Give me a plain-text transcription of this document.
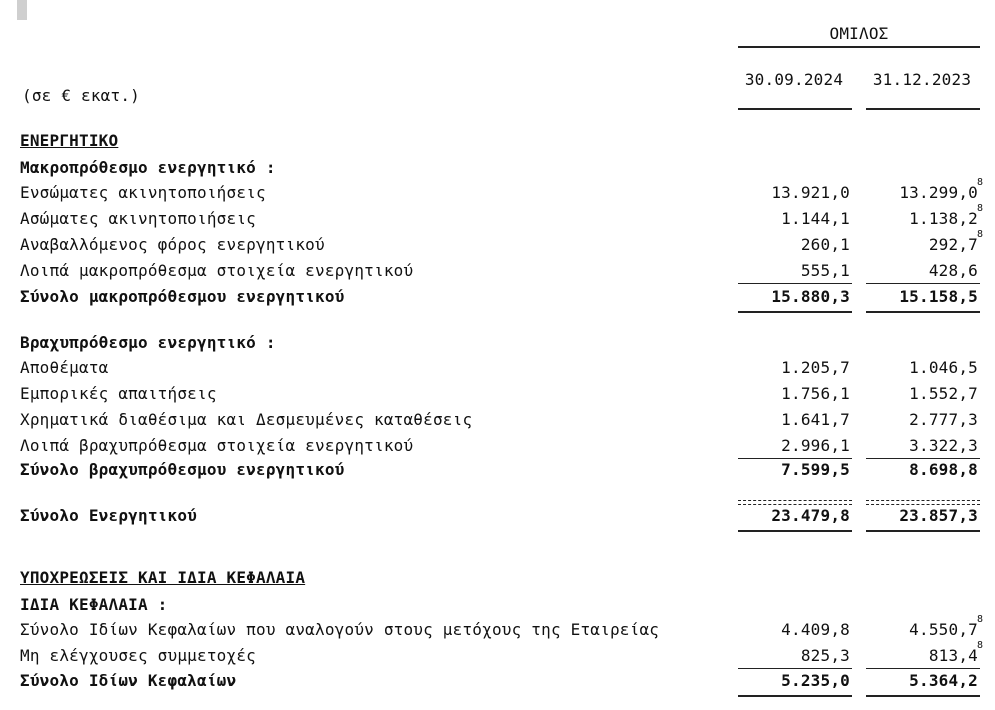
ΟΜΙΛΟΣ
(σε € εκατ.)
30.09.2024	31.12.2023
ΕΝΕΡΓΗΤΙΚΟ
Μακροπρόθεσμο ενεργητικό :
Ενσώματες ακινητοποιήσεις	13.921,0	13.299,0
8
Ασώματες ακινητοποιήσεις	1.144,1	1.138,2
8
Αναβαλλόμενος φόρος ενεργητικού	260,1	292,7
8
Λοιπά μακροπρόθεσμα στοιχεία ενεργητικού	555,1	428,6
Σύνολο μακροπρόθεσμου ενεργητικού	15.880,3	15.158,5
Βραχυπρόθεσμο ενεργητικό :
Αποθέματα	1.205,7	1.046,5
Εμπορικές απαιτήσεις	1.756,1	1.552,7
Χρηματικά διαθέσιμα και Δεσμευμένες καταθέσεις	1.641,7	2.777,3
Λοιπά βραχυπρόθεσμα στοιχεία ενεργητικού	2.996,1	3.322,3
Σύνολο βραχυπρόθεσμου ενεργητικού	7.599,5	8.698,8
Σύνολο Ενεργητικού	23.479,8	23.857,3
ΥΠΟΧΡΕΩΣΕΙΣ ΚΑΙ ΙΔΙΑ ΚΕΦΑΛΑΙΑ
ΙΔΙΑ ΚΕΦΑΛΑΙΑ :
Σύνολο Ιδίων Κεφαλαίων που αναλογούν στους μετόχους της Εταιρείας	4.409,8	4.550,7
8
Μη ελέγχουσες συμμετοχές	825,3	813,4
8
Σύνολο Ιδίων Κεφαλαίων	5.235,0	5.364,2
